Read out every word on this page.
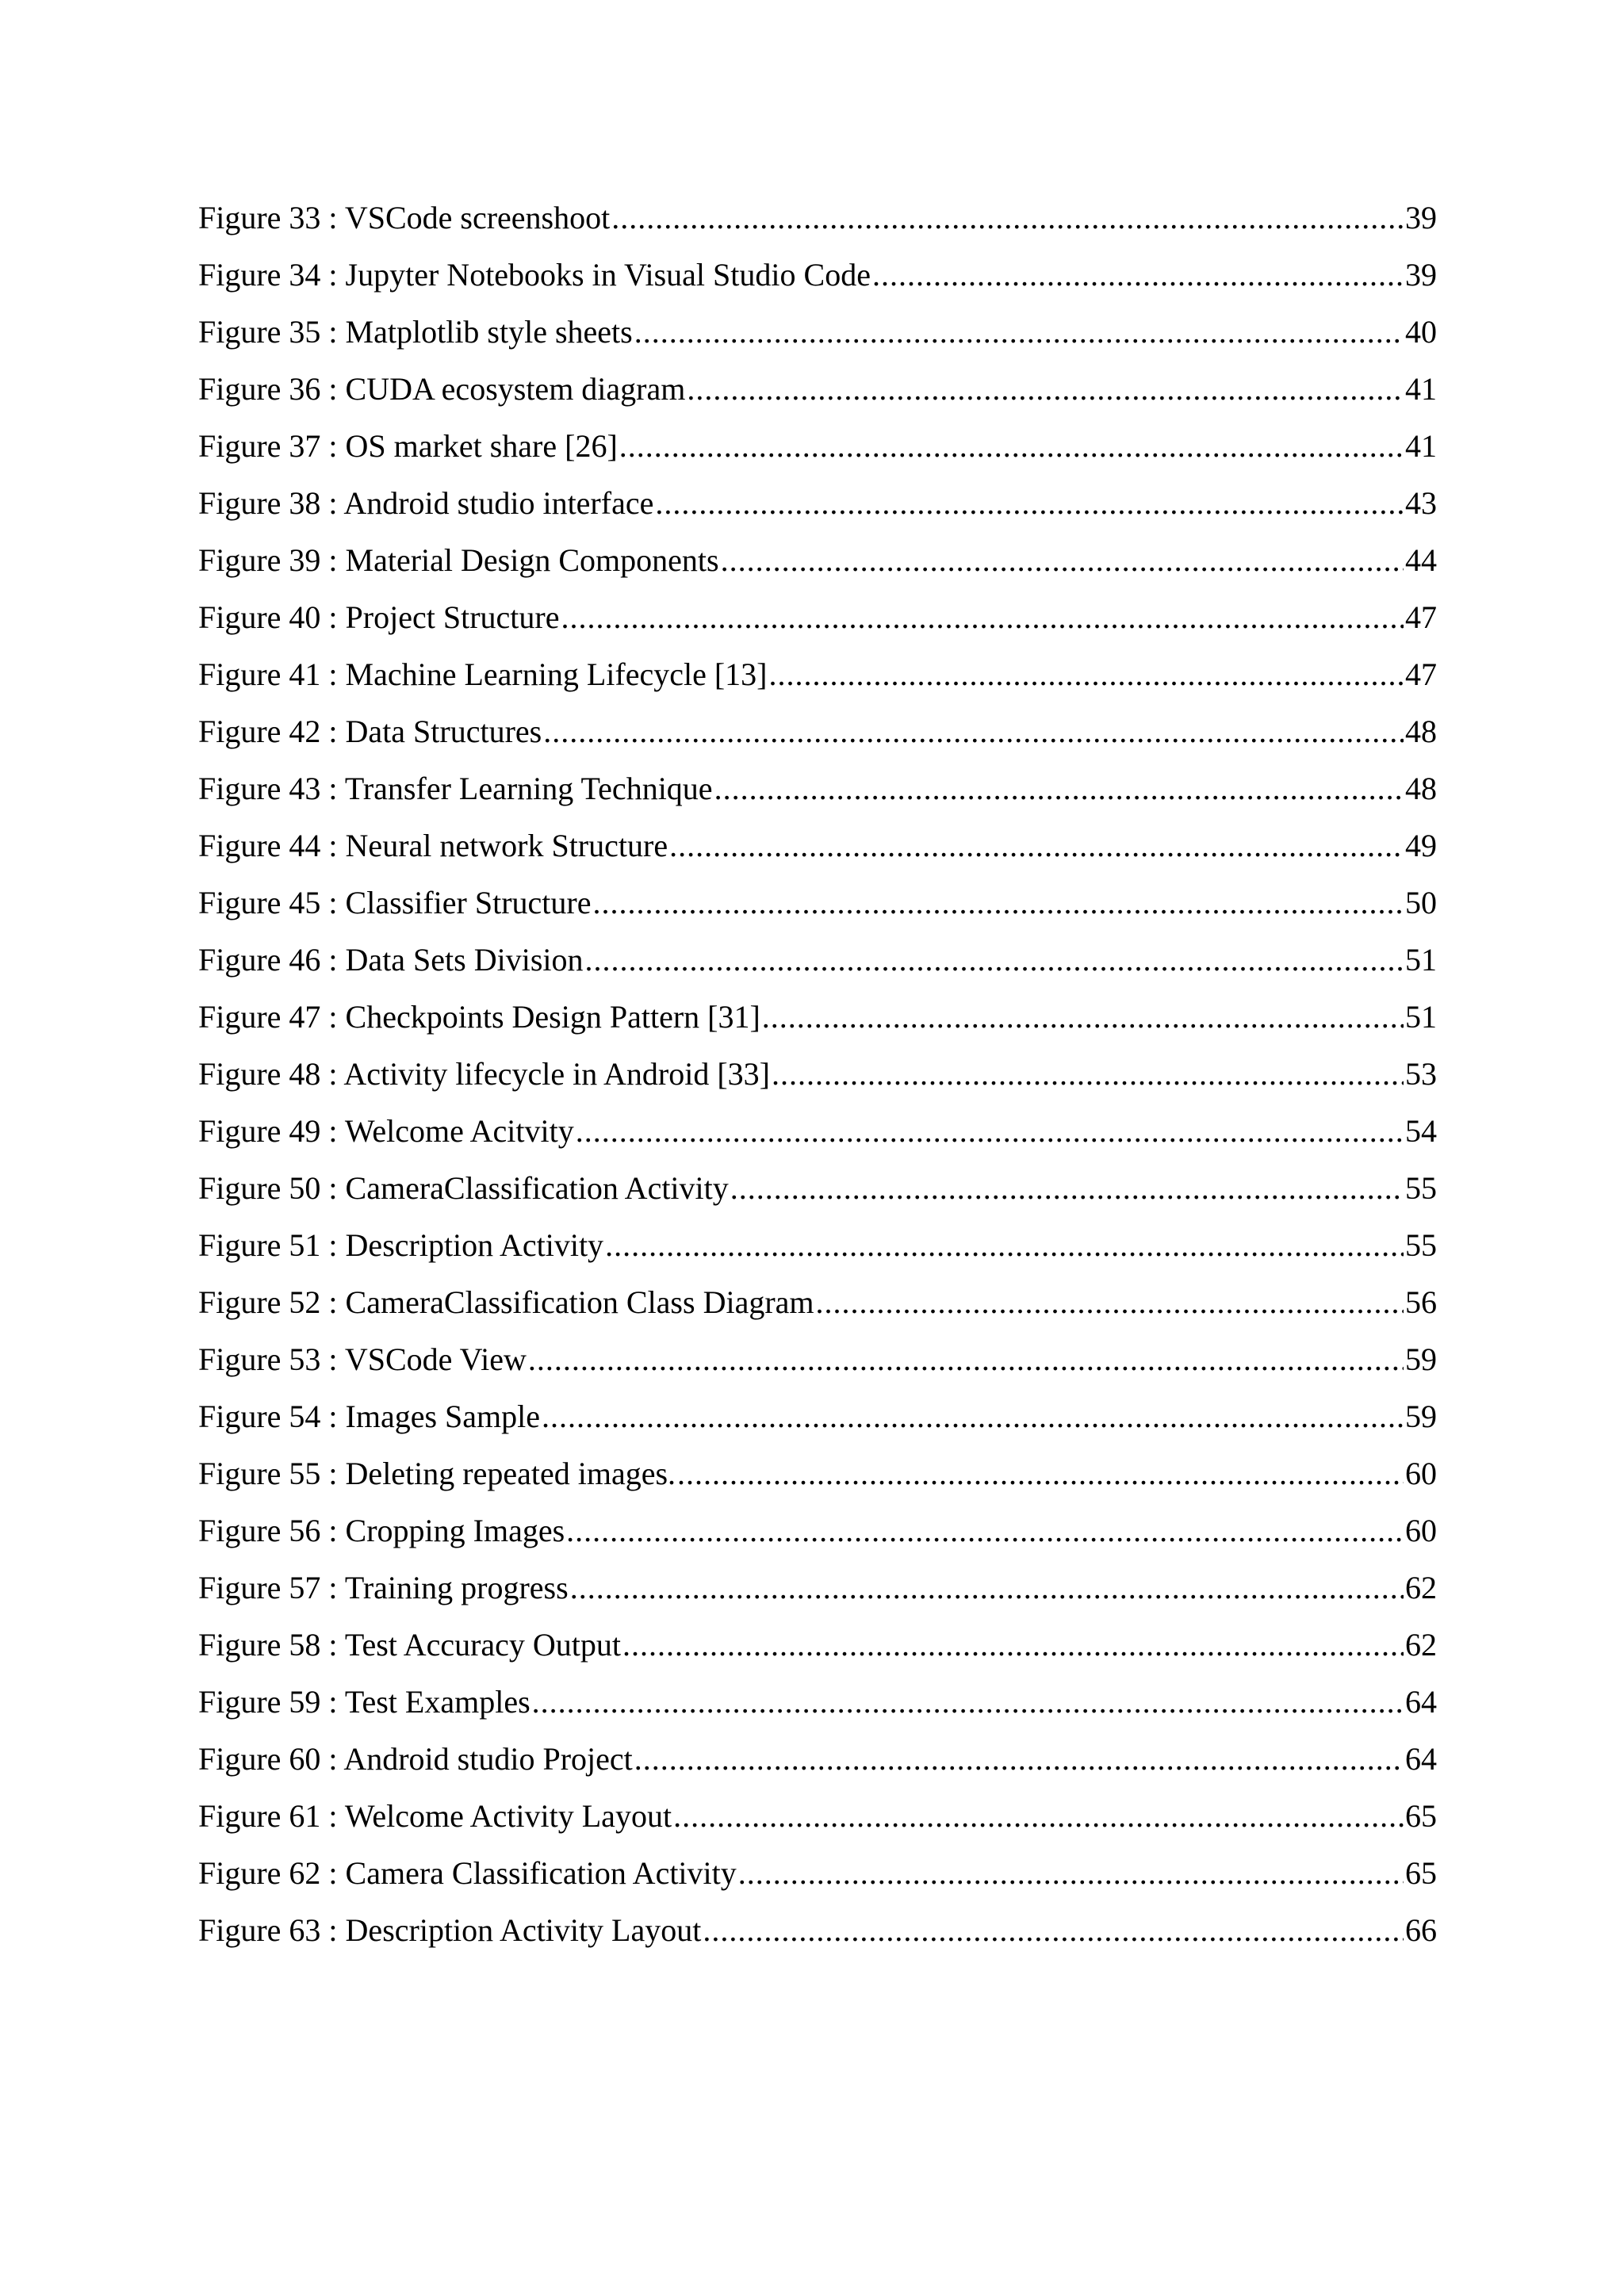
Figure 33 : VSCode screenshoot .....	39
Figure 34 : Jupyter Notebooks in Visual Studio Code .....	39
Figure 35 : Matplotlib style sheets .....	40
Figure 36 : CUDA ecosystem diagram .....	41
Figure 37 : OS market share [26] .....	41
Figure 38 : Android studio interface .....	43
Figure 39 : Material Design Components .....	44
Figure 40 : Project Structure .....	47
Figure 41 : Machine Learning Lifecycle [13] .....	47
Figure 42 : Data Structures .....	48
Figure 43 : Transfer Learning Technique .....	48
Figure 44 : Neural network Structure .....	49
Figure 45 : Classifier Structure .....	50
Figure 46 : Data Sets Division .....	51
Figure 47 : Checkpoints Design Pattern [31] .....	51
Figure 48 : Activity lifecycle in Android [33] .....	53
Figure 49 : Welcome Acitvity .....	54
Figure 50 : CameraClassification Activity .....	55
Figure 51 : Description Activity .....	55
Figure 52 : CameraClassification Class Diagram .....	56
Figure 53 : VSCode View .....	59
Figure 54 : Images Sample .....	59
Figure 55 : Deleting repeated images. .....	60
Figure 56 : Cropping Images .....	60
Figure 57 : Training progress .....	62
Figure 58 : Test Accuracy Output .....	62
Figure 59 : Test Examples .....	64
Figure 60 : Android studio Project .....	64
Figure 61 : Welcome Activity Layout .....	65
Figure 62 : Camera Classification Activity .....	65
Figure 63 : Description Activity Layout .....	66
